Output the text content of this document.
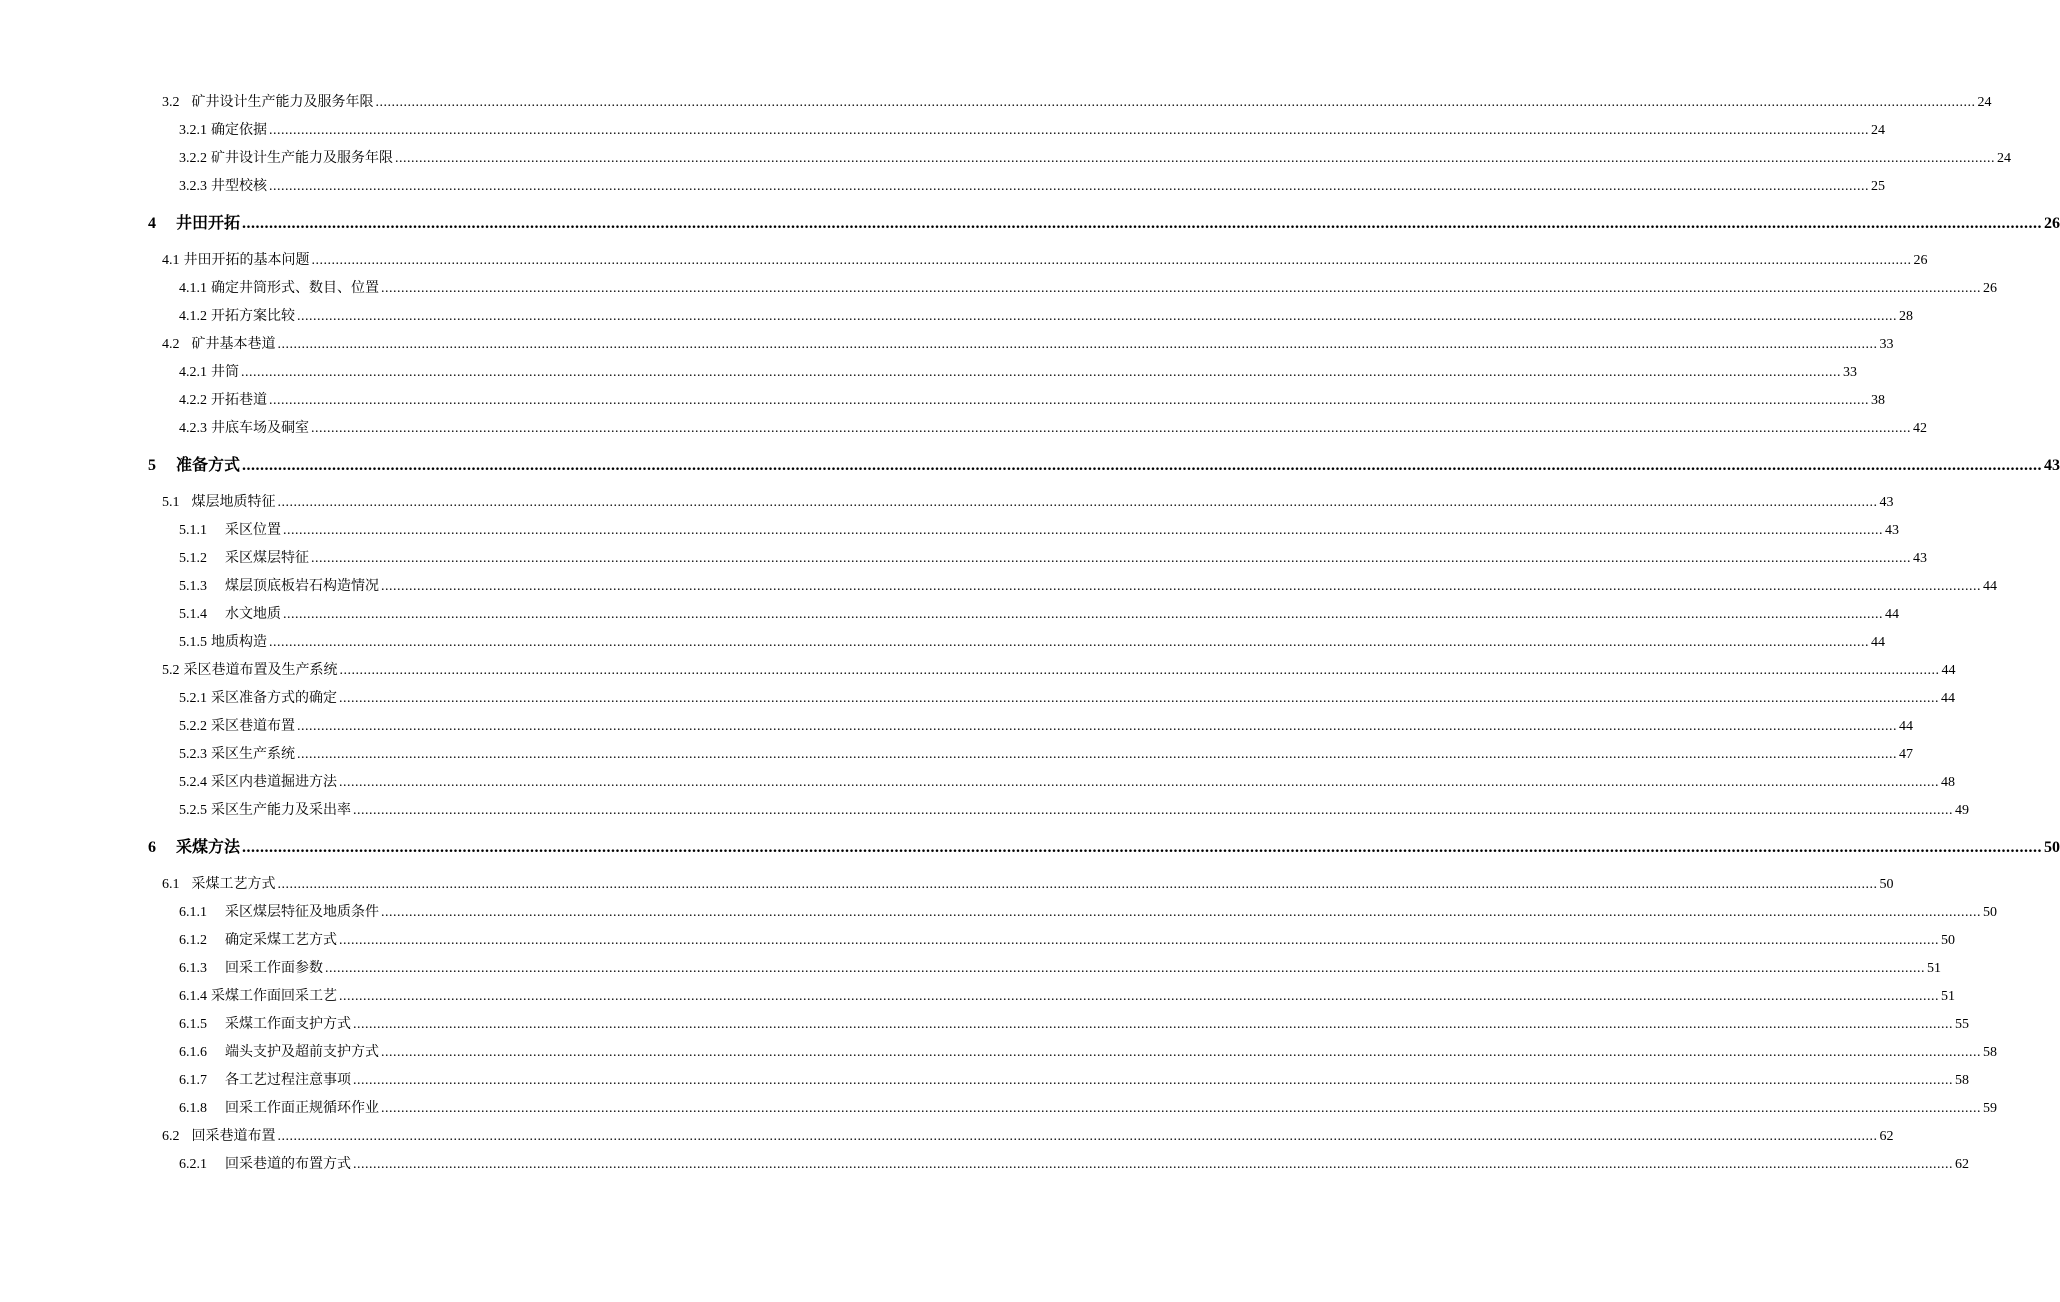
3.2 矿井设计生产能力及服务年限 ................................................................................................................................................................................................................................................................................................................................................................................................................ 24
3.2.1 确定依据 ................................................................................................................................................................................................................................................................................................................................................................................................................ 24
3.2.2 矿井设计生产能力及服务年限 ................................................................................................................................................................................................................................................................................................................................................................................................................ 24
3.2.3 井型校核 ................................................................................................................................................................................................................................................................................................................................................................................................................ 25
4	井田开拓 ................................................................................................................................................................................................................................................................................................................................................................................................................ 26
4.1 井田开拓的基本问题 ................................................................................................................................................................................................................................................................................................................................................................................................................ 26
4.1.1 确定井筒形式、数目、位置 ................................................................................................................................................................................................................................................................................................................................................................................................................ 26
4.1.2 开拓方案比较 ................................................................................................................................................................................................................................................................................................................................................................................................................ 28
4.2 矿井基本巷道 ................................................................................................................................................................................................................................................................................................................................................................................................................ 33
4.2.1 井筒 ................................................................................................................................................................................................................................................................................................................................................................................................................ 33
4.2.2 开拓巷道 ................................................................................................................................................................................................................................................................................................................................................................................................................ 38
4.2.3 井底车场及硐室 ................................................................................................................................................................................................................................................................................................................................................................................................................ 42
5	准备方式 ................................................................................................................................................................................................................................................................................................................................................................................................................ 43
5.1 煤层地质特征 ................................................................................................................................................................................................................................................................................................................................................................................................................ 43
5.1.1 采区位置 ................................................................................................................................................................................................................................................................................................................................................................................................................ 43
5.1.2 采区煤层特征 ................................................................................................................................................................................................................................................................................................................................................................................................................ 43
5.1.3 煤层顶底板岩石构造情况 ................................................................................................................................................................................................................................................................................................................................................................................................................ 44
5.1.4 水文地质 ................................................................................................................................................................................................................................................................................................................................................................................................................ 44
5.1.5 地质构造 ................................................................................................................................................................................................................................................................................................................................................................................................................ 44
5.2 采区巷道布置及生产系统 ................................................................................................................................................................................................................................................................................................................................................................................................................ 44
5.2.1 采区准备方式的确定 ................................................................................................................................................................................................................................................................................................................................................................................................................ 44
5.2.2 采区巷道布置 ................................................................................................................................................................................................................................................................................................................................................................................................................ 44
5.2.3 采区生产系统 ................................................................................................................................................................................................................................................................................................................................................................................................................ 47
5.2.4 采区内巷道掘进方法 ................................................................................................................................................................................................................................................................................................................................................................................................................ 48
5.2.5 采区生产能力及采出率 ................................................................................................................................................................................................................................................................................................................................................................................................................ 49
6	采煤方法 ................................................................................................................................................................................................................................................................................................................................................................................................................ 50
6.1 采煤工艺方式 ................................................................................................................................................................................................................................................................................................................................................................................................................ 50
6.1.1 采区煤层特征及地质条件 ................................................................................................................................................................................................................................................................................................................................................................................................................ 50
6.1.2 确定采煤工艺方式 ................................................................................................................................................................................................................................................................................................................................................................................................................ 50
6.1.3 回采工作面参数 ................................................................................................................................................................................................................................................................................................................................................................................................................ 51
6.1.4 采煤工作面回采工艺 ................................................................................................................................................................................................................................................................................................................................................................................................................ 51
6.1.5 采煤工作面支护方式 ................................................................................................................................................................................................................................................................................................................................................................................................................ 55
6.1.6 端头支护及超前支护方式 ................................................................................................................................................................................................................................................................................................................................................................................................................ 58
6.1.7 各工艺过程注意事项 ................................................................................................................................................................................................................................................................................................................................................................................................................ 58
6.1.8 回采工作面正规循环作业 ................................................................................................................................................................................................................................................................................................................................................................................................................ 59
6.2 回采巷道布置 ................................................................................................................................................................................................................................................................................................................................................................................................................ 62
6.2.1 回采巷道的布置方式 ................................................................................................................................................................................................................................................................................................................................................................................................................ 62
